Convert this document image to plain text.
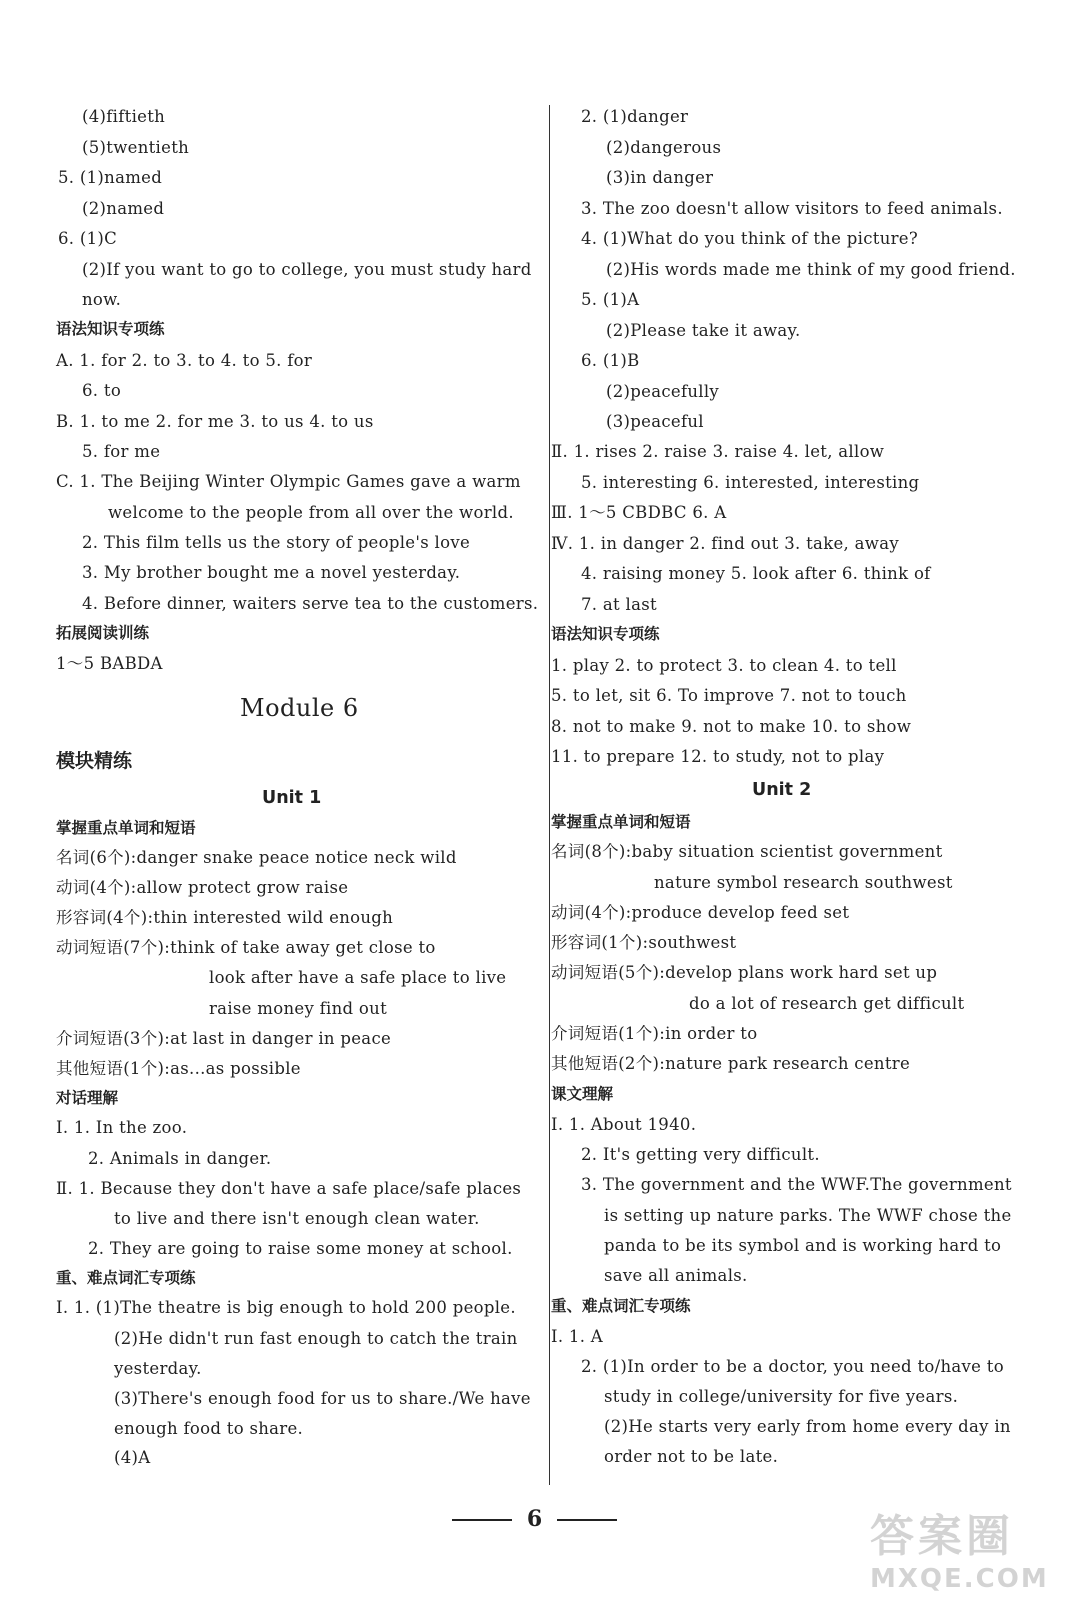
(4)fiftieth
(5)twentieth
5. (1)named
(2)named
6. (1)C
(2)If you want to go to college, you must study hard
now.
语法知识专项练
A. 1. for 2. to 3. to 4. to 5. for
6. to
B. 1. to me 2. for me 3. to us 4. to us
5. for me
C. 1. The Beijing Winter Olympic Games gave a warm
welcome to the people from all over the world.
2. This film tells us the story of people's love
3. My brother bought me a novel yesterday.
4. Before dinner, waiters serve tea to the customers.
拓展阅读训练
1～5 BABDA
Module 6
模块精练
Unit 1
掌握重点单词和短语
名词(6个):danger snake peace notice neck wild
动词(4个):allow protect grow raise
形容词(4个):thin interested wild enough
动词短语(7个):think of take away get close to
look after have a safe place to live
raise money find out
介词短语(3个):at last in danger in peace
其他短语(1个):as...as possible
对话理解
Ⅰ. 1. In the zoo.
2. Animals in danger.
Ⅱ. 1. Because they don't have a safe place/safe places
to live and there isn't enough clean water.
2. They are going to raise some money at school.
重、难点词汇专项练
Ⅰ. 1. (1)The theatre is big enough to hold 200 people.
(2)He didn't run fast enough to catch the train
yesterday.
(3)There's enough food for us to share./We have
enough food to share.
(4)A
2. (1)danger
(2)dangerous
(3)in danger
3. The zoo doesn't allow visitors to feed animals.
4. (1)What do you think of the picture?
(2)His words made me think of my good friend.
5. (1)A
(2)Please take it away.
6. (1)B
(2)peacefully
(3)peaceful
Ⅱ. 1. rises 2. raise 3. raise 4. let, allow
5. interesting 6. interested, interesting
Ⅲ. 1～5 CBDBC 6. A
Ⅳ. 1. in danger 2. find out 3. take, away
4. raising money 5. look after 6. think of
7. at last
语法知识专项练
1. play 2. to protect 3. to clean 4. to tell
5. to let, sit 6. To improve 7. not to touch
8. not to make 9. not to make 10. to show
11. to prepare 12. to study, not to play
Unit 2
掌握重点单词和短语
名词(8个):baby situation scientist government
nature symbol research southwest
动词(4个):produce develop feed set
形容词(1个):southwest
动词短语(5个):develop plans work hard set up
do a lot of research get difficult
介词短语(1个):in order to
其他短语(2个):nature park research centre
课文理解
Ⅰ. 1. About 1940.
2. It's getting very difficult.
3. The government and the WWF.The government
is setting up nature parks. The WWF chose the
panda to be its symbol and is working hard to
save all animals.
重、难点词汇专项练
Ⅰ. 1. A
2. (1)In order to be a doctor, you need to/have to
study in college/university for five years.
(2)He starts very early from home every day in
order not to be late.
6	答案圈
MXQE.COM
